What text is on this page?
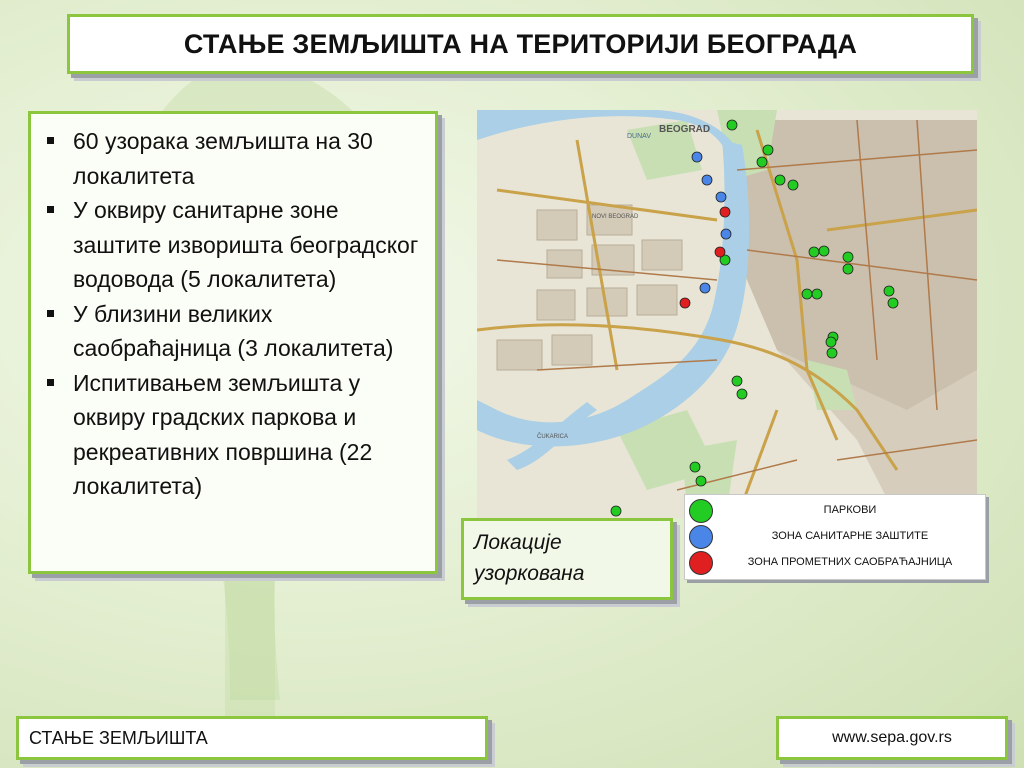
СТАЊЕ ЗЕМЉИШТА НА ТЕРИТОРИЈИ БЕОГРАДА
60 узорака земљишта на 30 локалитета
У оквиру санитарне зоне заштите изворишта београдског водовода (5 локалитета)
У близини великих саобраћајница (3 локалитета)
Испитивањем земљишта у оквиру градских паркова и рекреативних површина (22 локалитета)
BEOGRAD
DUNAV
NOVI BEOGRAD
ČUKARICA
ПАРКОВИ
ЗОНА САНИТАРНЕ ЗАШТИТЕ
ЗОНА ПРОМЕТНИХ САОБРАЋАЈНИЦА
Локације узоркована
СТАЊЕ ЗЕМЉИШТА	www.sepa.gov.rs
